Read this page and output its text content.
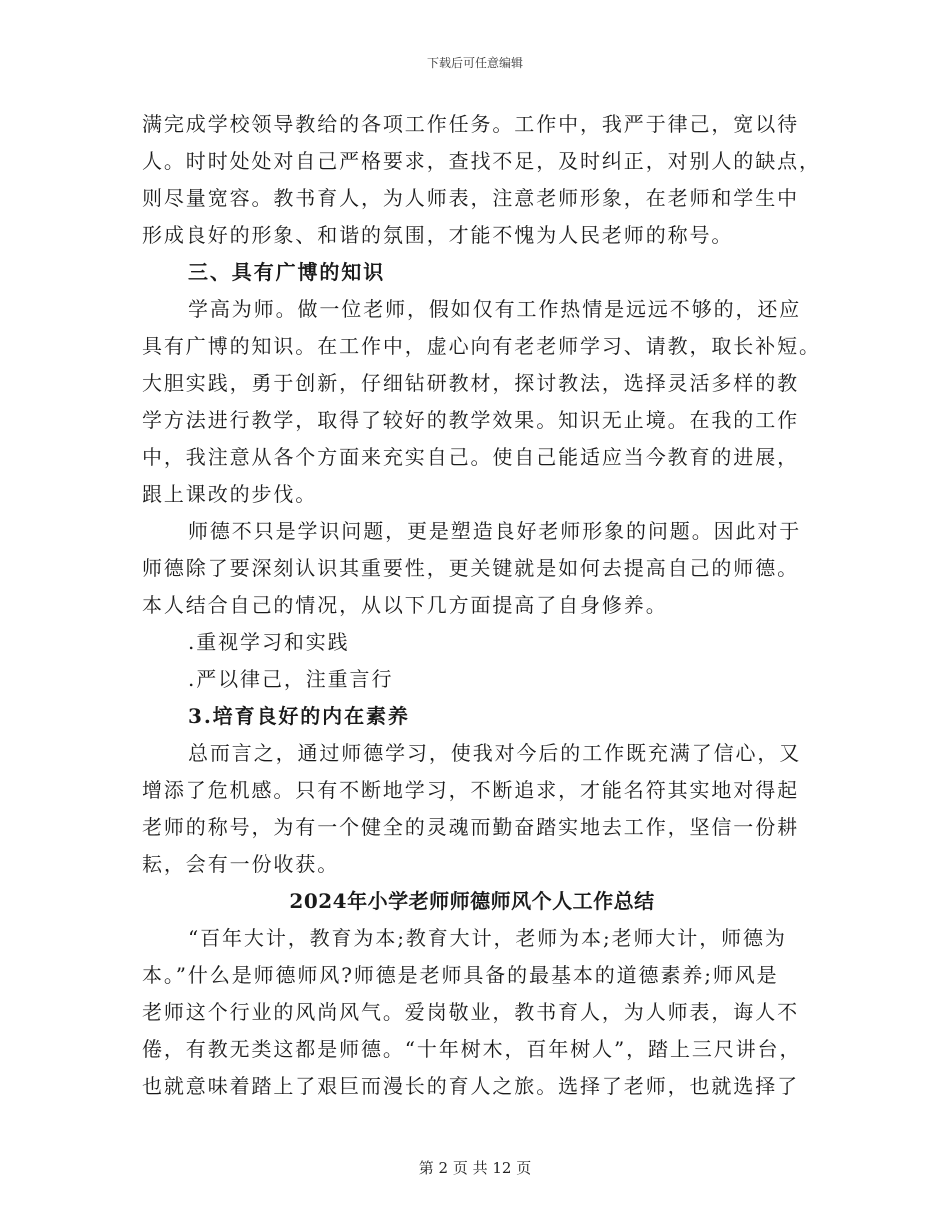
下载后可任意编辑
满完成学校领导教给的各项工作任务。工作中，我严于律己，宽以待
人。时时处处对自己严格要求，查找不足，及时纠正，对别人的缺点，
则尽量宽容。教书育人，为人师表，注意老师形象，在老师和学生中
形成良好的形象、和谐的氛围，才能不愧为人民老师的称号。
三、具有广博的知识
学高为师。做一位老师，假如仅有工作热情是远远不够的，还应
具有广博的知识。在工作中，虚心向有老老师学习、请教，取长补短。
大胆实践，勇于创新，仔细钻研教材，探讨教法，选择灵活多样的教
学方法进行教学，取得了较好的教学效果。知识无止境。在我的工作
中，我注意从各个方面来充实自己。使自己能适应当今教育的进展，
跟上课改的步伐。
师德不只是学识问题，更是塑造良好老师形象的问题。因此对于
师德除了要深刻认识其重要性，更关键就是如何去提高自己的师德。
本人结合自己的情况，从以下几方面提高了自身修养。
.重视学习和实践
.严以律己，注重言行
3.培育良好的内在素养
总而言之，通过师德学习，使我对今后的工作既充满了信心，又
增添了危机感。只有不断地学习，不断追求，才能名符其实地对得起
老师的称号，为有一个健全的灵魂而勤奋踏实地去工作，坚信一份耕
耘，会有一份收获。
2024年小学老师师德师风个人工作总结
“百年大计，教育为本;教育大计，老师为本;老师大计，师德为
本。”什么是师德师风?师德是老师具备的最基本的道德素养;师风是
老师这个行业的风尚风气。爱岗敬业，教书育人，为人师表，诲人不
倦，有教无类这都是师德。“十年树木，百年树人”，踏上三尺讲台，
也就意味着踏上了艰巨而漫长的育人之旅。选择了老师，也就选择了
第 2 页 共 12 页
